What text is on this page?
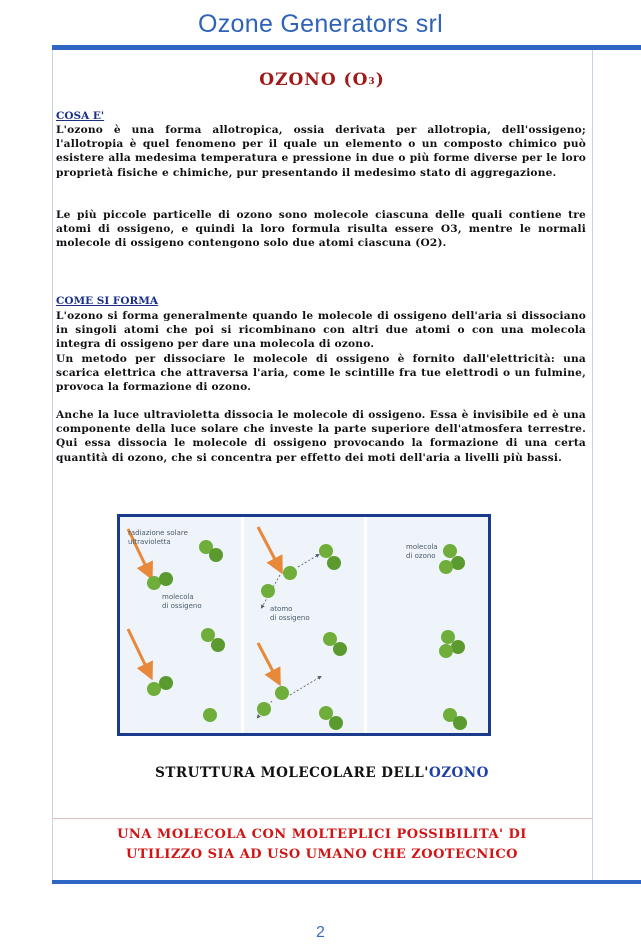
Ozone Generators srl
OZONO (O3)
COSA E'
L'ozono è una forma allotropica, ossia derivata per allotropia, dell'ossigeno; l'allotropia è quel fenomeno per il quale un elemento o un composto chimico può esistere alla medesima temperatura e pressione in due o più forme diverse per le loro proprietà fisiche e chimiche, pur presentando il medesimo stato di aggregazione.
Le più piccole particelle di ozono sono molecole ciascuna delle quali contiene tre atomi di ossigeno, e quindi la loro formula risulta essere O3, mentre le normali molecole di ossigeno contengono solo due atomi ciascuna (O2).
COME SI FORMA
L'ozono si forma generalmente quando le molecole di ossigeno dell'aria si dissociano in singoli atomi che poi si ricombinano con altri due atomi o con una molecola integra di ossigeno per dare una molecola di ozono.
Un metodo per dissociare le molecole di ossigeno è fornito dall'elettricità: una scarica elettrica che attraversa l'aria, come le scintille fra tue elettrodi o un fulmine, provoca la formazione di ozono.
Anche la luce ultravioletta dissocia le molecole di ossigeno. Essa è invisibile ed è una componente della luce solare che investe la parte superiore dell'atmosfera terrestre. Qui essa dissocia le molecole di ossigeno provocando la formazione di una certa quantità di ozono, che si concentra per effetto dei moti dell'aria a livelli più bassi.
radiazione solare
ultravioletta
molecola
di ossigeno	atomo
di ossigeno
molecola
di ozono
STRUTTURA MOLECOLARE DELL'OZONO
UNA MOLECOLA CON MOLTEPLICI POSSIBILITA' DI
UTILIZZO SIA AD USO UMANO CHE ZOOTECNICO
2
